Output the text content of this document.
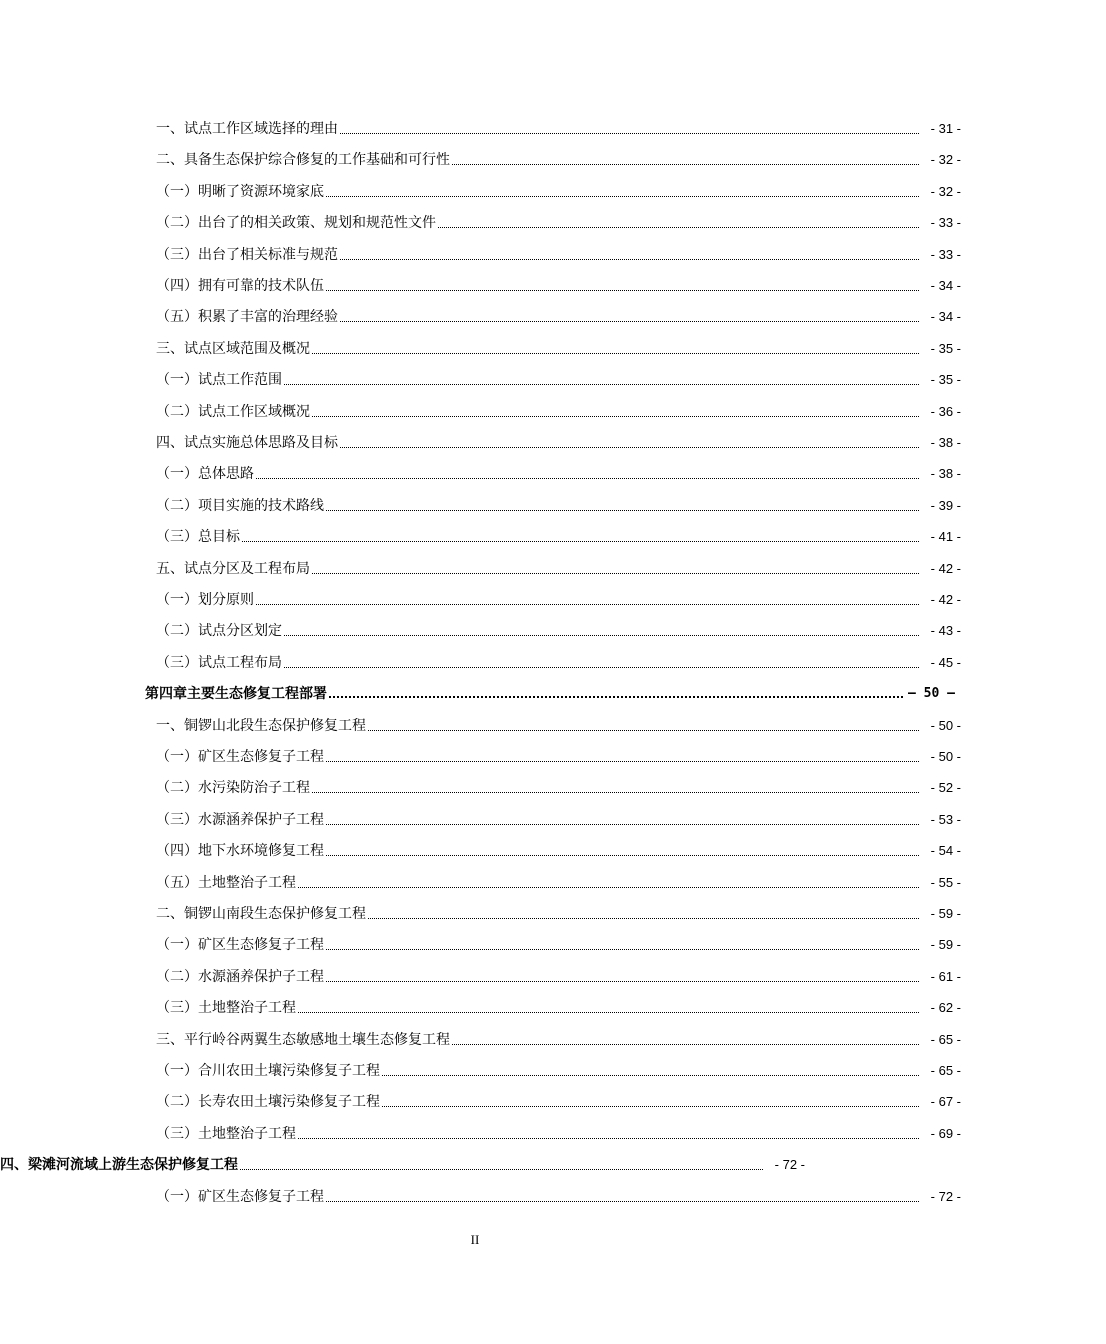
一、试点工作区域选择的理由	- 31 -
二、具备生态保护综合修复的工作基础和可行性	- 32 -
（一）明晰了资源环境家底	- 32 -
（二）出台了的相关政策、规划和规范性文件	- 33 -
（三）出台了相关标准与规范	- 33 -
（四）拥有可靠的技术队伍	- 34 -
（五）积累了丰富的治理经验	- 34 -
三、试点区域范围及概况	- 35 -
（一）试点工作范围	- 35 -
（二）试点工作区域概况	- 36 -
四、试点实施总体思路及目标	- 38 -
（一）总体思路	- 38 -
（二）项目实施的技术路线	- 39 -
（三）总目标	- 41 -
五、试点分区及工程布局	- 42 -
（一）划分原则	- 42 -
（二）试点分区划定	- 43 -
（三）试点工程布局	- 45 -
第四章主要生态修复工程部署	– 50 –
一、铜锣山北段生态保护修复工程	- 50 -
（一）矿区生态修复子工程	- 50 -
（二）水污染防治子工程	- 52 -
（三）水源涵养保护子工程	- 53 -
（四）地下水环境修复工程	- 54 -
（五）土地整治子工程	- 55 -
二、铜锣山南段生态保护修复工程	- 59 -
（一）矿区生态修复子工程	- 59 -
（二）水源涵养保护子工程	- 61 -
（三）土地整治子工程	- 62 -
三、平行岭谷两翼生态敏感地土壤生态修复工程	- 65 -
（一）合川农田土壤污染修复子工程	- 65 -
（二）长寿农田土壤污染修复子工程	- 67 -
（三）土地整治子工程	- 69 -
四、梁滩河流域上游生态保护修复工程	- 72 -
（一）矿区生态修复子工程	- 72 -
II
